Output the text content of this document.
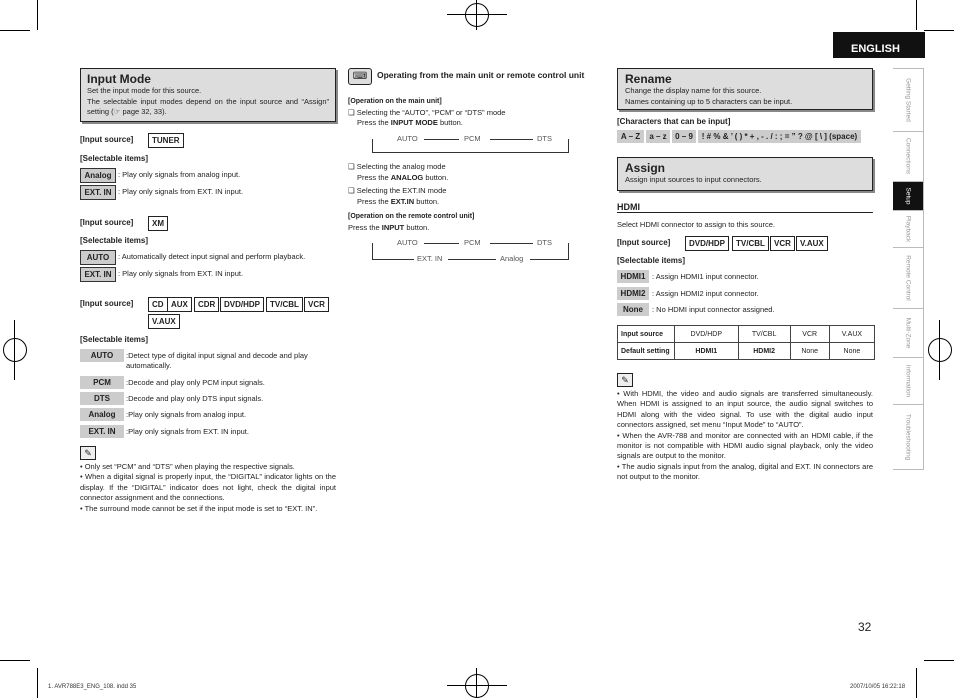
ENGLISH
Getting Started
Connections
Setup
Playback
Remote Control
Multi-Zone
Information
Troubleshooting
Input Mode

Set the input mode for this source.

The selectable input modes depend on the input source and “Assign” setting (☞ page 32, 33).

[Input source]	TUNER
[Selectable items]
Analog : Play only signals from analog input.
EXT. IN : Play only signals from EXT. IN input.
[Input source]	XM
[Selectable items]
AUTO	: Automatically detect input signal and perform playback.
EXT. IN : Play only signals from EXT. IN input.
[Input source]	CD AUX	CDR	DVD/HDP	TV/CBL	VCR
V.AUX
[Selectable items]
AUTO	:Detect type of digital input signal and decode and play automatically.
PCM	:Decode and play only PCM input signals.
DTS	:Decode and play only DTS input signals.
Analog	:Play only signals from analog input.
EXT. IN	:Play only signals from EXT. IN input.
✎
• Only set “PCM” and “DTS” when playing the respective signals.
• When a digital signal is properly input, the “DIGITAL” indicator lights on the display. If the “DIGITAL” indicator does not light, check the digital input connector assignment and the connections.
• The surround mode cannot be set if the input mode is set to “EXT. IN”.
⌨	Operating from the main unit or remote control unit
[Operation on the main unit]
❑ Selecting the “AUTO”, “PCM” or “DTS” mode
Press the INPUT MODE button.
AUTO	PCM	DTS
❑ Selecting the analog mode
Press the ANALOG button.
❑ Selecting the EXT.IN mode
Press the EXT.IN button.
[Operation on the remote control unit]
Press the INPUT button.
AUTO	PCM	DTS
EXT. IN	Analog
Rename

Change the display name for this source.

Names containing up to 5 characters can be input.

[Characters that can be input]
A – Z	a – z	0 – 9	! # % & ’ ( ) * + , - . / : ; = ” ? @ [ \ ] (space)
Assign

Assign input sources to input connectors.

HDMI
Select HDMI connector to assign to this source.
[Input source]	DVD/HDP	TV/CBL	VCR	V.AUX
[Selectable items]
HDMI1 : Assign HDMI1 input connector.
HDMI2 : Assign HDMI2 input connector.
None	: No HDMI input connector assigned.
Input source	DVD/HDP	TV/CBL	VCR	V.AUX
Default setting	HDMI1	HDMI2	None	None
✎
• With HDMI, the video and audio signals are transferred simultaneously. When HDMI is assigned to an input source, the audio signal switches to HDMI along with the video signal. To use with the digital audio input connectors assigned, set menu “Input Mode” to “AUTO”.
• When the AVR-788 and monitor are connected with an HDMI cable, if the monitor is not compatible with HDMI audio signal playback, only the video signals are output to the monitor.
• The audio signals input from the analog, digital and EXT. IN connectors are not output to the monitor.
32
1. AVR788E3_ENG_108. indd 35	2007/10/05 16:22:18
